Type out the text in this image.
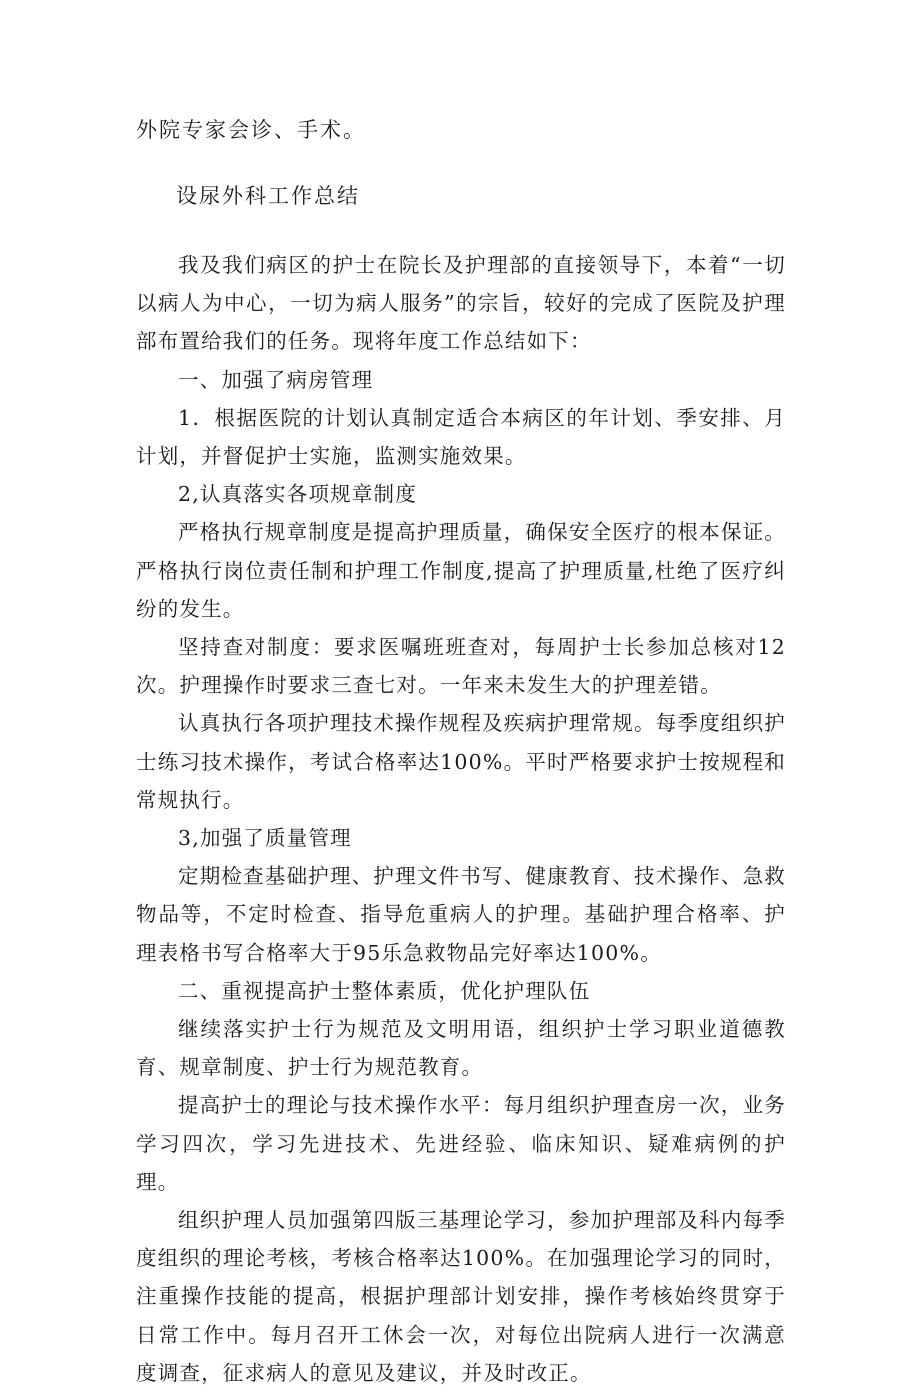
外院专家会诊、手术。
设尿外科工作总结

我及我们病区的护士在院长及护理部的直接领导下，本着“一切以病人为中心，一切为病人服务”的宗旨，较好的完成了医院及护理部布置给我们的任务。现将年度工作总结如下：

一、加强了病房管理

1．根据医院的计划认真制定适合本病区的年计划、季安排、月计划，并督促护士实施，监测实施效果。

2,认真落实各项规章制度

严格执行规章制度是提高护理质量，确保安全医疗的根本保证。严格执行岗位责任制和护理工作制度,提高了护理质量,杜绝了医疗纠纷的发生。

坚持查对制度：要求医嘱班班查对，每周护士长参加总核对12次。护理操作时要求三查七对。一年来未发生大的护理差错。

认真执行各项护理技术操作规程及疾病护理常规。每季度组织护士练习技术操作，考试合格率达100%。平时严格要求护士按规程和常规执行。

3,加强了质量管理

定期检查基础护理、护理文件书写、健康教育、技术操作、急救物品等，不定时检查、指导危重病人的护理。基础护理合格率、护理表格书写合格率大于95乐急救物品完好率达100%。

二、重视提高护士整体素质，优化护理队伍

继续落实护士行为规范及文明用语，组织护士学习职业道德教育、规章制度、护士行为规范教育。

提高护士的理论与技术操作水平：每月组织护理查房一次，业务学习四次，学习先进技术、先进经验、临床知识、疑难病例的护理。

组织护理人员加强第四版三基理论学习，参加护理部及科内每季度组织的理论考核，考核合格率达100%。在加强理论学习的同时，注重操作技能的提高，根据护理部计划安排，操作考核始终贯穿于日常工作中。每月召开工休会一次，对每位出院病人进行一次满意度调查，征求病人的意见及建议，并及时改正。
